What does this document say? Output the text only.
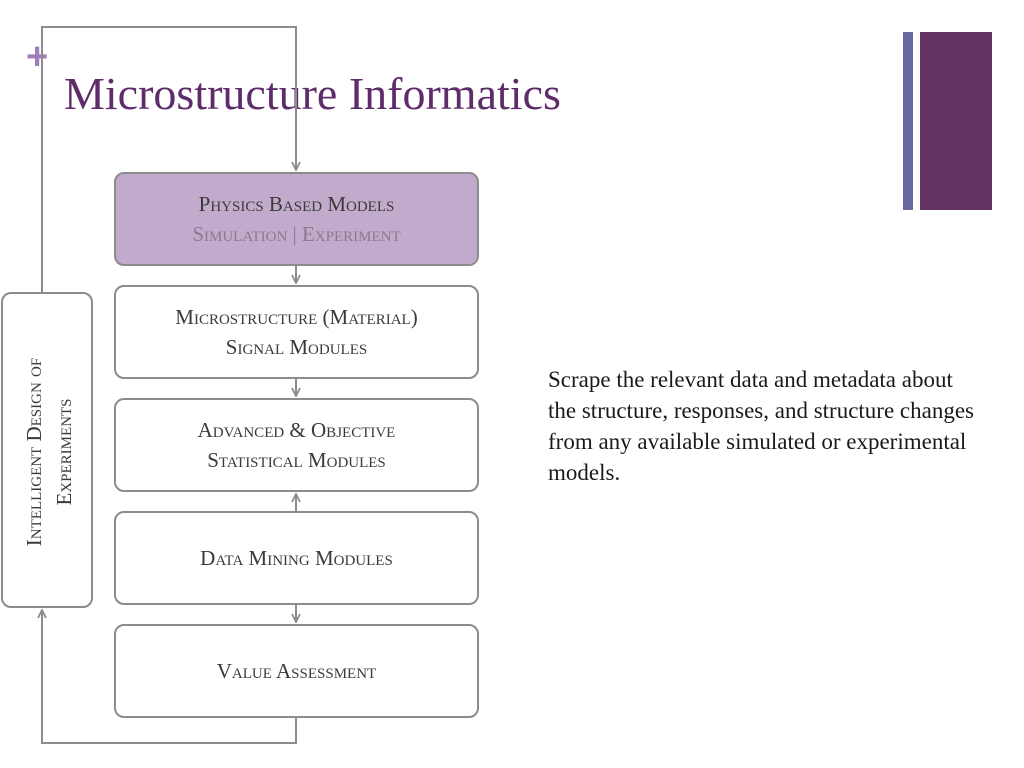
+
Microstructure Informatics
Physics Based Models
Simulation | Experiment
Microstructure (Material)
Signal Modules
Advanced & Objective
Statistical Modules
Data Mining Modules
Value Assessment
Intelligent Design of Experiments
Scrape the relevant data and metadata about the structure, responses, and structure changes from any available simulated or experimental models.
